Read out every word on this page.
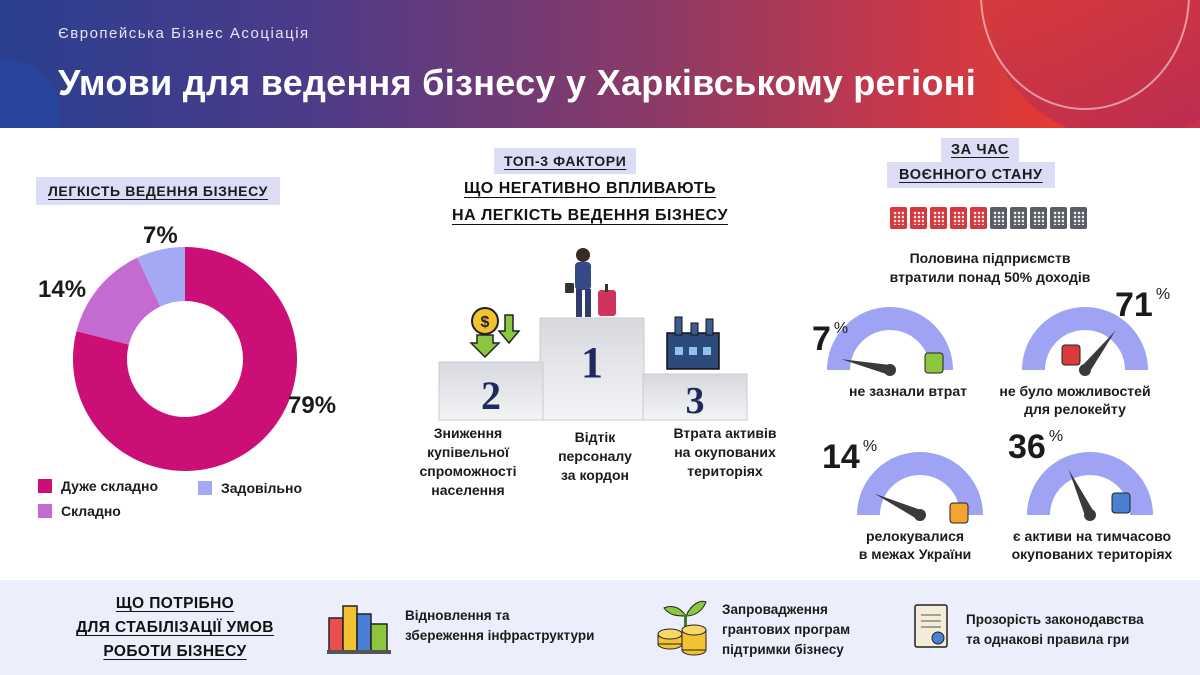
Європейська Бізнес Асоціація
Умови для ведення бізнесу у Харківському регіоні
ЛЕГКІСТЬ ВЕДЕННЯ БІЗНЕСУ
7%
14%
79%
Дуже складно	Задовільно
Складно
ТОП-3 ФАКТОРИ
ЩО НЕГАТИВНО ВПЛИВАЮТЬ
НА ЛЕГКІСТЬ ВЕДЕННЯ БІЗНЕСУ
1
2	3
$
Зниження
купівельної
спроможності
населення
Відтік
персоналу
за кордон
Втрата активів
на окупованих
територіях
ЗА ЧАС
ВОЄННОГО СТАНУ
Половина підприємств
втратили понад 50% доходів
7 %
71 %
14 %	36 %
не зазнали втрат	не було можливостей
для релокейту
релокувалися
в межах України
є активи на тимчасово
окупованих територіях
ЩО ПОТРІБНО
ДЛЯ СТАБІЛІЗАЦІЇ УМОВ
РОБОТИ БІЗНЕСУ
Відновлення та
збереження інфраструктури
Запровадження
грантових програм
підтримки бізнесу
Прозорість законодавства
та однакові правила гри
